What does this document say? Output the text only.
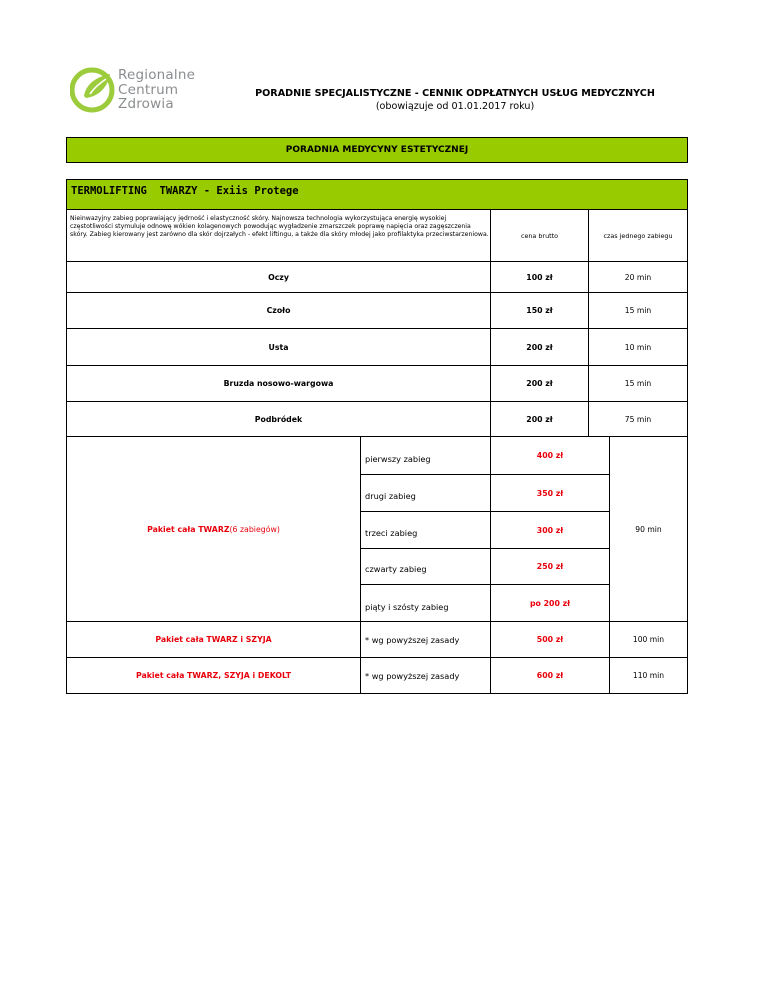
Regionalne
Centrum
Zdrowia
PORADNIE SPECJALISTYCZNE - CENNIK ODPŁATNYCH USŁUG MEDYCZNYCH
(obowiązuje od 01.01.2017 roku)
PORADNIA MEDYCYNY ESTETYCZNEJ
TERMOLIFTING  TWARZY - Exiis Protege
Nieinwazyjny zabieg poprawiający jędrność i elastyczność skóry. Najnowsza technologia wykorzystująca energię wysokiej częstotliwości stymuluje odnowę wókien kolagenowych powodując wygładzenie zmarszczek poprawę napięcia oraz zagęszczenia skóry. Zabieg kierowany jest zarówno dla skór dojrzałych - efekt liftingu, a także dla skóry młodej jako profilaktyka przeciwstarzeniowa.	cena brutto	czas jednego zabiegu
Oczy	100 zł	20 min
Czoło	150 zł	15 min
Usta	200 zł	10 min
Bruzda nosowo-wargowa	200 zł	15 min
Podbródek	200 zł	75 min
Pakiet cała TWARZ (6 zabiegów)	90 min
pierwszy zabieg	400 zł
drugi zabieg	350 zł
trzeci zabieg	300 zł
czwarty zabieg	250 zł
piąty i szósty zabieg	po 200 zł
Pakiet cała TWARZ i SZYJA	* wg powyższej zasady	500 zł	100 min
Pakiet cała TWARZ, SZYJA i DEKOLT	* wg powyższej zasady	600 zł	110 min
